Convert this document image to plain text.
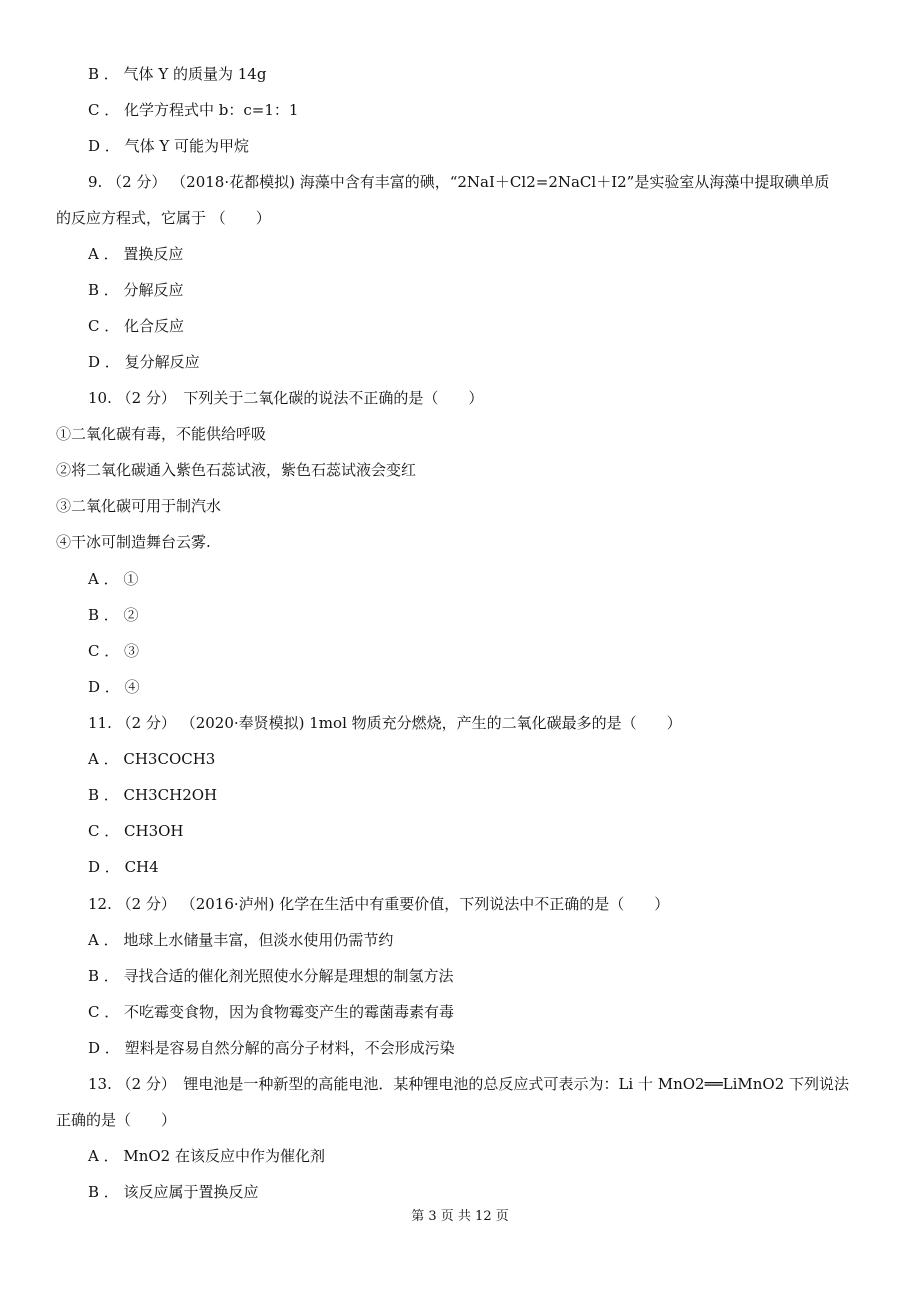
B ． 气体 Y 的质量为 14g
C ． 化学方程式中 b：c=1：1
D ． 气体 Y 可能为甲烷
9. （2 分） （2018·花都模拟) 海藻中含有丰富的碘，“2NaI＋Cl2=2NaCl＋I2”是实验室从海藻中提取碘单质
的反应方程式，它属于 （　　）
A ． 置换反应
B ． 分解反应
C ． 化合反应
D ． 复分解反应
10. （2 分）　下列关于二氧化碳的说法不正确的是（　　）
①二氧化碳有毒，不能供给呼吸
②将二氧化碳通入紫色石蕊试液，紫色石蕊试液会变红
③二氧化碳可用于制汽水
④干冰可制造舞台云雾.
A ． ①
B ． ②
C ． ③
D ． ④
11. （2 分） （2020·奉贤模拟) 1mol 物质充分燃烧，产生的二氧化碳最多的是（　　）
A ． CH3COCH3
B ． CH3CH2OH
C ． CH3OH
D ． CH4
12. （2 分） （2016·泸州) 化学在生活中有重要价值，下列说法中不正确的是（　　）
A ． 地球上水储量丰富，但淡水使用仍需节约
B ． 寻找合适的催化剂光照使水分解是理想的制氢方法
C ． 不吃霉变食物，因为食物霉变产生的霉菌毒素有毒
D ． 塑料是容易自然分解的高分子材料，不会形成污染
13. （2 分）　锂电池是一种新型的高能电池．某种锂电池的总反应式可表示为：Li 十 MnO2══LiMnO2 下列说法
正确的是（　　）
A ． MnO2 在该反应中作为催化剂
B ． 该反应属于置换反应
第 3 页 共 12 页
